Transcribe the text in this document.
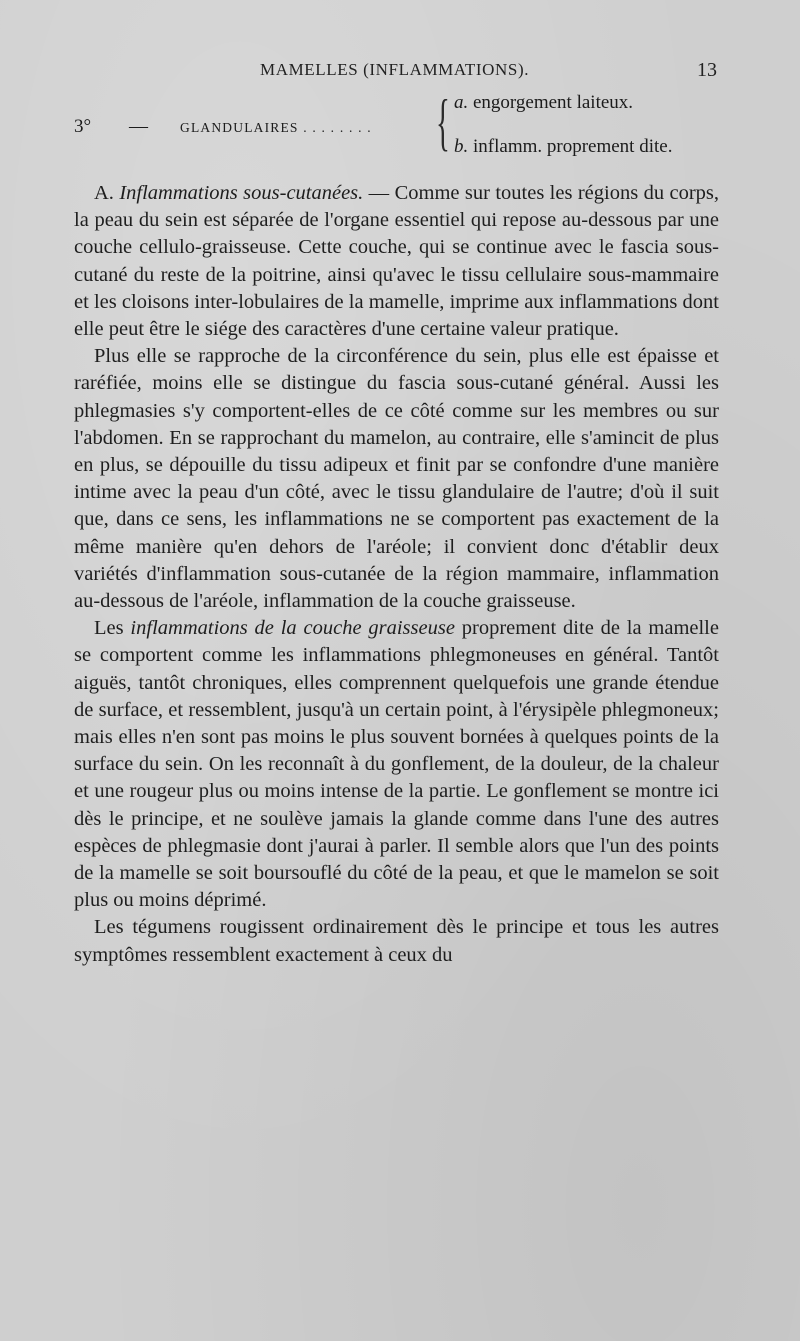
MAMELLES (INFLAMMATIONS).	13
3° — GLANDULAIRES . . . . . . . . { a. engorgement laiteux.
b. inflamm. proprement dite.

A. Inflammations sous-cutanées. — Comme sur toutes les régions du corps, la peau du sein est séparée de l'organe essentiel qui repose au-dessous par une couche cellulo-graisseuse. Cette couche, qui se continue avec le fascia sous-cutané du reste de la poitrine, ainsi qu'avec le tissu cellulaire sous-mammaire et les cloisons inter-lobulaires de la mamelle, imprime aux inflammations dont elle peut être le siége des caractères d'une certaine valeur pratique.

Plus elle se rapproche de la circonférence du sein, plus elle est épaisse et raréfiée, moins elle se distingue du fascia sous-cutané général. Aussi les phlegmasies s'y comportent-elles de ce côté comme sur les membres ou sur l'abdomen. En se rapprochant du mamelon, au contraire, elle s'amincit de plus en plus, se dépouille du tissu adipeux et finit par se confondre d'une manière intime avec la peau d'un côté, avec le tissu glandulaire de l'autre; d'où il suit que, dans ce sens, les inflammations ne se comportent pas exactement de la même manière qu'en dehors de l'aréole; il convient donc d'établir deux variétés d'inflammation sous-cutanée de la région mammaire, inflammation au-dessous de l'aréole, inflammation de la couche graisseuse.

Les inflammations de la couche graisseuse proprement dite de la mamelle se comportent comme les inflammations phlegmoneuses en général. Tantôt aiguës, tantôt chroniques, elles comprennent quelquefois une grande étendue de surface, et ressemblent, jusqu'à un certain point, à l'érysipèle phlegmoneux; mais elles n'en sont pas moins le plus souvent bornées à quelques points de la surface du sein. On les reconnaît à du gonflement, de la douleur, de la chaleur et une rougeur plus ou moins intense de la partie. Le gonflement se montre ici dès le principe, et ne soulève jamais la glande comme dans l'une des autres espèces de phlegmasie dont j'aurai à parler. Il semble alors que l'un des points de la mamelle se soit boursouflé du côté de la peau, et que le mamelon se soit plus ou moins déprimé.

Les tégumens rougissent ordinairement dès le principe et tous les autres symptômes ressemblent exactement à ceux du
